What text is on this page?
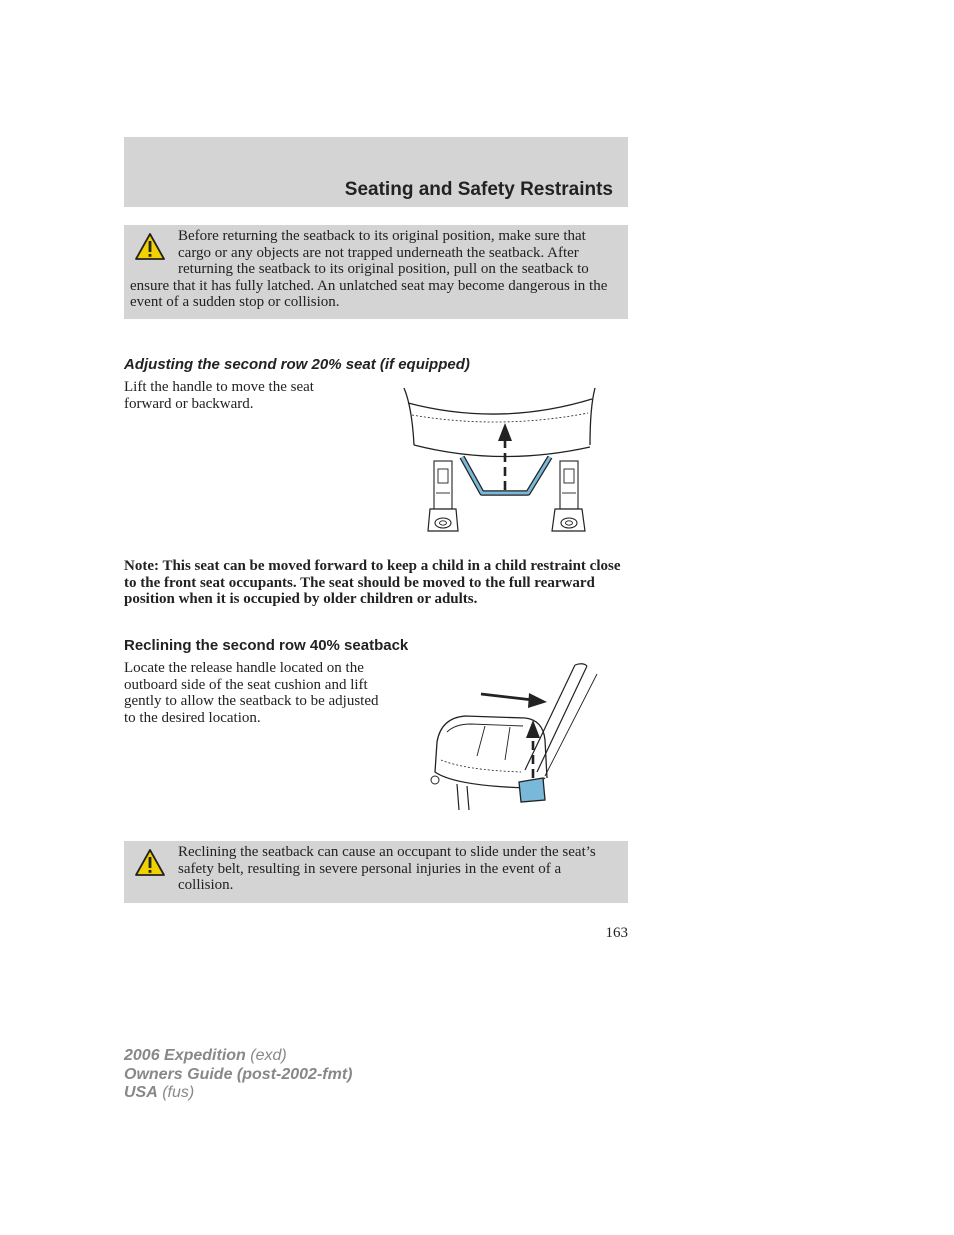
Seating and Safety Restraints

Before returning the seatback to its original position, make sure that cargo or any objects are not trapped underneath the seatback. After returning the seatback to its original position, pull on the seatback to ensure that it has fully latched. An unlatched seat may become dangerous in the event of a sudden stop or collision.

Adjusting the second row 20% seat (if equipped)

Lift the handle to move the seat forward or backward.

Note: This seat can be moved forward to keep a child in a child restraint close to the front seat occupants. The seat should be moved to the full rearward position when it is occupied by older children or adults.

Reclining the second row 40% seatback

Locate the release handle located on the outboard side of the seat cushion and lift gently to allow the seatback to be adjusted to the desired location.

Reclining the seatback can cause an occupant to slide under the seat’s safety belt, resulting in severe personal injuries in the event of a collision.

163
2006 Expedition (exd)
Owners Guide (post-2002-fmt)
USA (fus)
